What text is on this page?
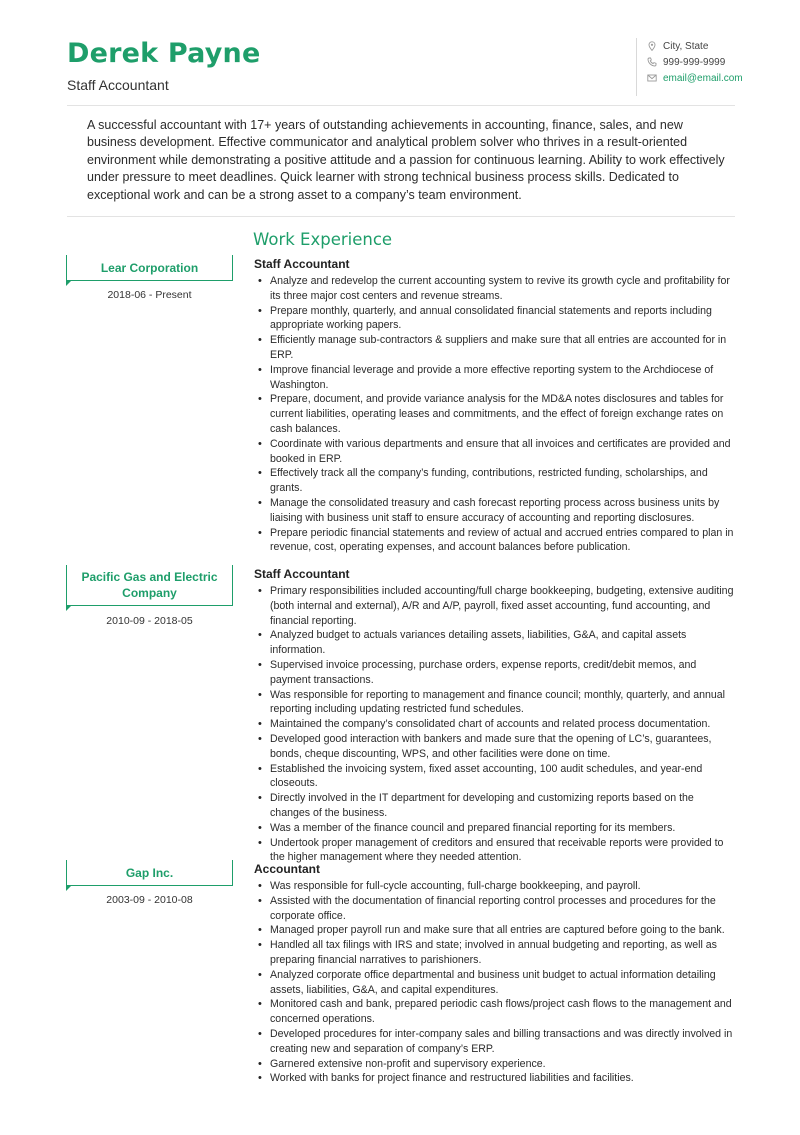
Derek Payne
Staff Accountant
City, State
999-999-9999
email@email.com

A successful accountant with 17+ years of outstanding achievements in accounting, finance, sales, and new business development. Effective communicator and analytical problem solver who thrives in a result-oriented environment while demonstrating a positive attitude and a passion for continuous learning. Ability to work effectively under pressure to meet deadlines. Quick learner with strong technical business process skills. Dedicated to exceptional work and can be a strong asset to a company’s team environment.

Work Experience
Lear Corporation
2018-06 - Present
Staff Accountant
• Analyze and redevelop the current accounting system to revive its growth cycle and profitability for its three major cost centers and revenue streams.
• Prepare monthly, quarterly, and annual consolidated financial statements and reports including appropriate working papers.
• Efficiently manage sub-contractors & suppliers and make sure that all entries are accounted for in ERP.
• Improve financial leverage and provide a more effective reporting system to the Archdiocese of Washington.
• Prepare, document, and provide variance analysis for the MD&A notes disclosures and tables for current liabilities, operating leases and commitments, and the effect of foreign exchange rates on cash balances.
• Coordinate with various departments and ensure that all invoices and certificates are provided and booked in ERP.
• Effectively track all the company’s funding, contributions, restricted funding, scholarships, and grants.
• Manage the consolidated treasury and cash forecast reporting process across business units by liaising with business unit staff to ensure accuracy of accounting and reporting disclosures.
• Prepare periodic financial statements and review of actual and accrued entries compared to plan in revenue, cost, operating expenses, and account balances before publication.
Pacific Gas and Electric Company
2010-09 - 2018-05
Staff Accountant
• Primary responsibilities included accounting/full charge bookkeeping, budgeting, extensive auditing (both internal and external), A/R and A/P, payroll, fixed asset accounting, fund accounting, and financial reporting.
• Analyzed budget to actuals variances detailing assets, liabilities, G&A, and capital assets information.
• Supervised invoice processing, purchase orders, expense reports, credit/debit memos, and payment transactions.
• Was responsible for reporting to management and finance council; monthly, quarterly, and annual reporting including updating restricted fund schedules.
• Maintained the company’s consolidated chart of accounts and related process documentation.
• Developed good interaction with bankers and made sure that the opening of LC’s, guarantees, bonds, cheque discounting, WPS, and other facilities were done on time.
• Established the invoicing system, fixed asset accounting, 100 audit schedules, and year-end closeouts.
• Directly involved in the IT department for developing and customizing reports based on the changes of the business.
• Was a member of the finance council and prepared financial reporting for its members.
• Undertook proper management of creditors and ensured that receivable reports were provided to the higher management where they needed attention.
Gap Inc.
2003-09 - 2010-08
Accountant
• Was responsible for full-cycle accounting, full-charge bookkeeping, and payroll.
• Assisted with the documentation of financial reporting control processes and procedures for the corporate office.
• Managed proper payroll run and make sure that all entries are captured before going to the bank.
• Handled all tax filings with IRS and state; involved in annual budgeting and reporting, as well as preparing financial narratives to parishioners.
• Analyzed corporate office departmental and business unit budget to actual information detailing assets, liabilities, G&A, and capital expenditures.
• Monitored cash and bank, prepared periodic cash flows/project cash flows to the management and concerned operations.
• Developed procedures for inter-company sales and billing transactions and was directly involved in creating new and separation of company’s ERP.
• Garnered extensive non-profit and supervisory experience.
• Worked with banks for project finance and restructured liabilities and facilities.
